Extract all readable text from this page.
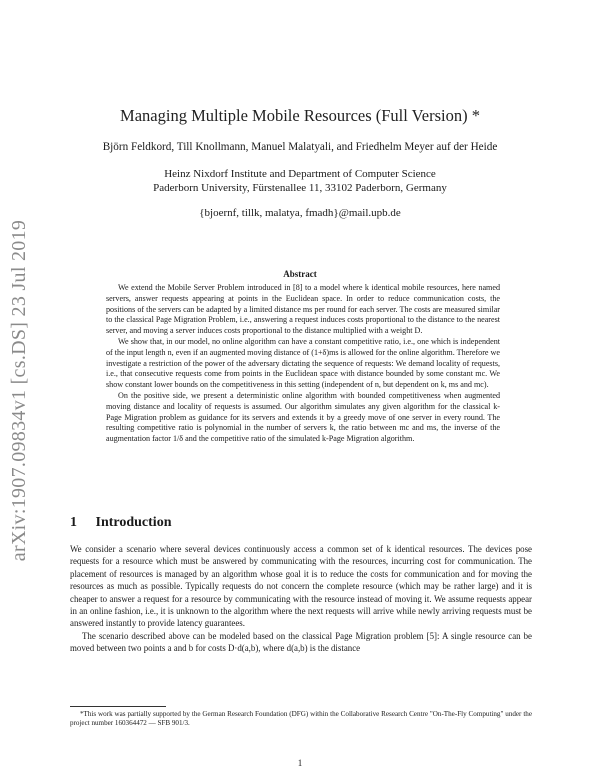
arXiv:1907.09834v1 [cs.DS] 23 Jul 2019
Managing Multiple Mobile Resources (Full Version) *
Björn Feldkord, Till Knollmann, Manuel Malatyali, and Friedhelm Meyer auf der Heide
Heinz Nixdorf Institute and Department of Computer Science
Paderborn University, Fürstenallee 11, 33102 Paderborn, Germany
{bjoernf, tillk, malatya, fmadh}@mail.upb.de
Abstract

We extend the Mobile Server Problem introduced in [8] to a model where k identical mobile resources, here named servers, answer requests appearing at points in the Euclidean space. In order to reduce communication costs, the positions of the servers can be adapted by a limited distance ms per round for each server. The costs are measured similar to the classical Page Migration Problem, i.e., answering a request induces costs proportional to the distance to the nearest server, and moving a server induces costs proportional to the distance multiplied with a weight D.

We show that, in our model, no online algorithm can have a constant competitive ratio, i.e., one which is independent of the input length n, even if an augmented moving distance of (1+δ)ms is allowed for the online algorithm. Therefore we investigate a restriction of the power of the adversary dictating the sequence of requests: We demand locality of requests, i.e., that consecutive requests come from points in the Euclidean space with distance bounded by some constant mc. We show constant lower bounds on the competitiveness in this setting (independent of n, but dependent on k, ms and mc).

On the positive side, we present a deterministic online algorithm with bounded competitiveness when augmented moving distance and locality of requests is assumed. Our algorithm simulates any given algorithm for the classical k-Page Migration problem as guidance for its servers and extends it by a greedy move of one server in every round. The resulting competitive ratio is polynomial in the number of servers k, the ratio between mc and ms, the inverse of the augmentation factor 1/δ and the competitive ratio of the simulated k-Page Migration algorithm.

1 Introduction

We consider a scenario where several devices continuously access a common set of k identical resources. The devices pose requests for a resource which must be answered by communicating with the resources, incurring cost for communication. The placement of resources is managed by an algorithm whose goal it is to reduce the costs for communication and for moving the resources as much as possible. Typically requests do not concern the complete resource (which may be rather large) and it is cheaper to answer a request for a resource by communicating with the resource instead of moving it. We assume requests appear in an online fashion, i.e., it is unknown to the algorithm where the next requests will arrive while newly arriving requests must be answered instantly to provide latency guarantees.

The scenario described above can be modeled based on the classical Page Migration problem [5]: A single resource can be moved between two points a and b for costs D·d(a,b), where d(a,b) is the distance

*This work was partially supported by the German Research Foundation (DFG) within the Collaborative Research Centre "On-The-Fly Computing" under the project number 160364472 — SFB 901/3.

1
